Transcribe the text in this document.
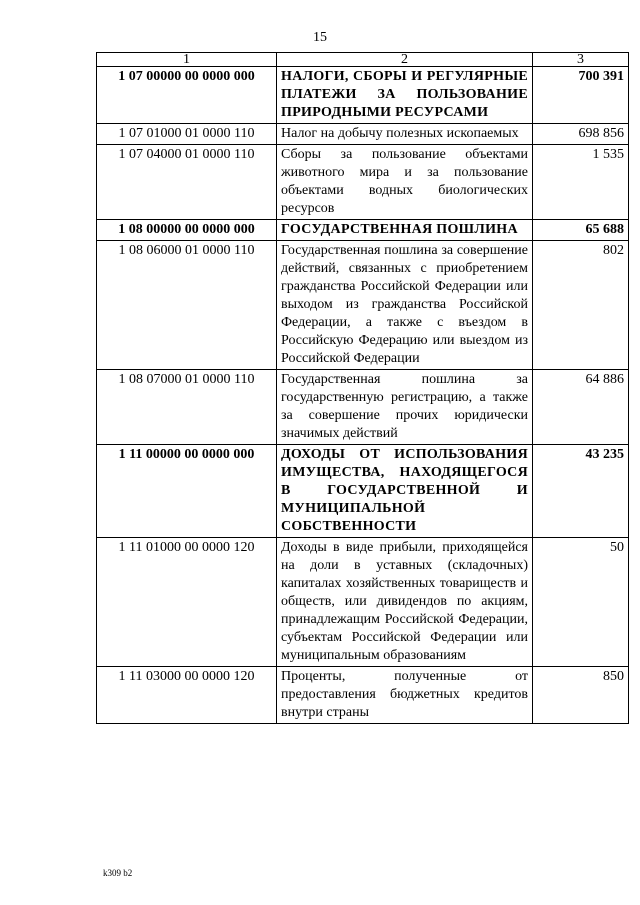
15
1	2	3
1 07 00000 00 0000 000	НАЛОГИ, СБОРЫ И РЕГУЛЯРНЫЕ ПЛАТЕЖИ ЗА ПОЛЬЗОВАНИЕ ПРИРОДНЫМИ РЕСУРСАМИ	700 391
1 07 01000 01 0000 110	Налог на добычу полезных ископаемых	698 856
1 07 04000 01 0000 110	Сборы за пользование объектами животного мира и за пользование объектами водных биологических ресурсов	1 535
1 08 00000 00 0000 000	ГОСУДАРСТВЕННАЯ ПОШЛИНА	65 688
1 08 06000 01 0000 110	Государственная пошлина за совершение действий, связанных с приобретением гражданства Российской Федерации или выходом из гражданства Российской Федерации, а также с въездом в Российскую Федерацию или выездом из Российской Федерации	802
1 08 07000 01 0000 110	Государственная пошлина за государственную регистрацию, а также за совершение прочих юридически значимых действий	64 886
1 11 00000 00 0000 000	ДОХОДЫ ОТ ИСПОЛЬЗОВАНИЯ ИМУЩЕСТВА, НАХОДЯЩЕГОСЯ В ГОСУДАРСТВЕННОЙ И МУНИЦИПАЛЬНОЙ СОБСТВЕННОСТИ	43 235
1 11 01000 00 0000 120	Доходы в виде прибыли, приходящейся на доли в уставных (складочных) капиталах хозяйственных товариществ и обществ, или дивидендов по акциям, принадлежащим Российской Федерации, субъектам Российской Федерации или муниципальным образованиям	50
1 11 03000 00 0000 120	Проценты, полученные от предоставления бюджетных кредитов внутри страны	850
k309 b2
